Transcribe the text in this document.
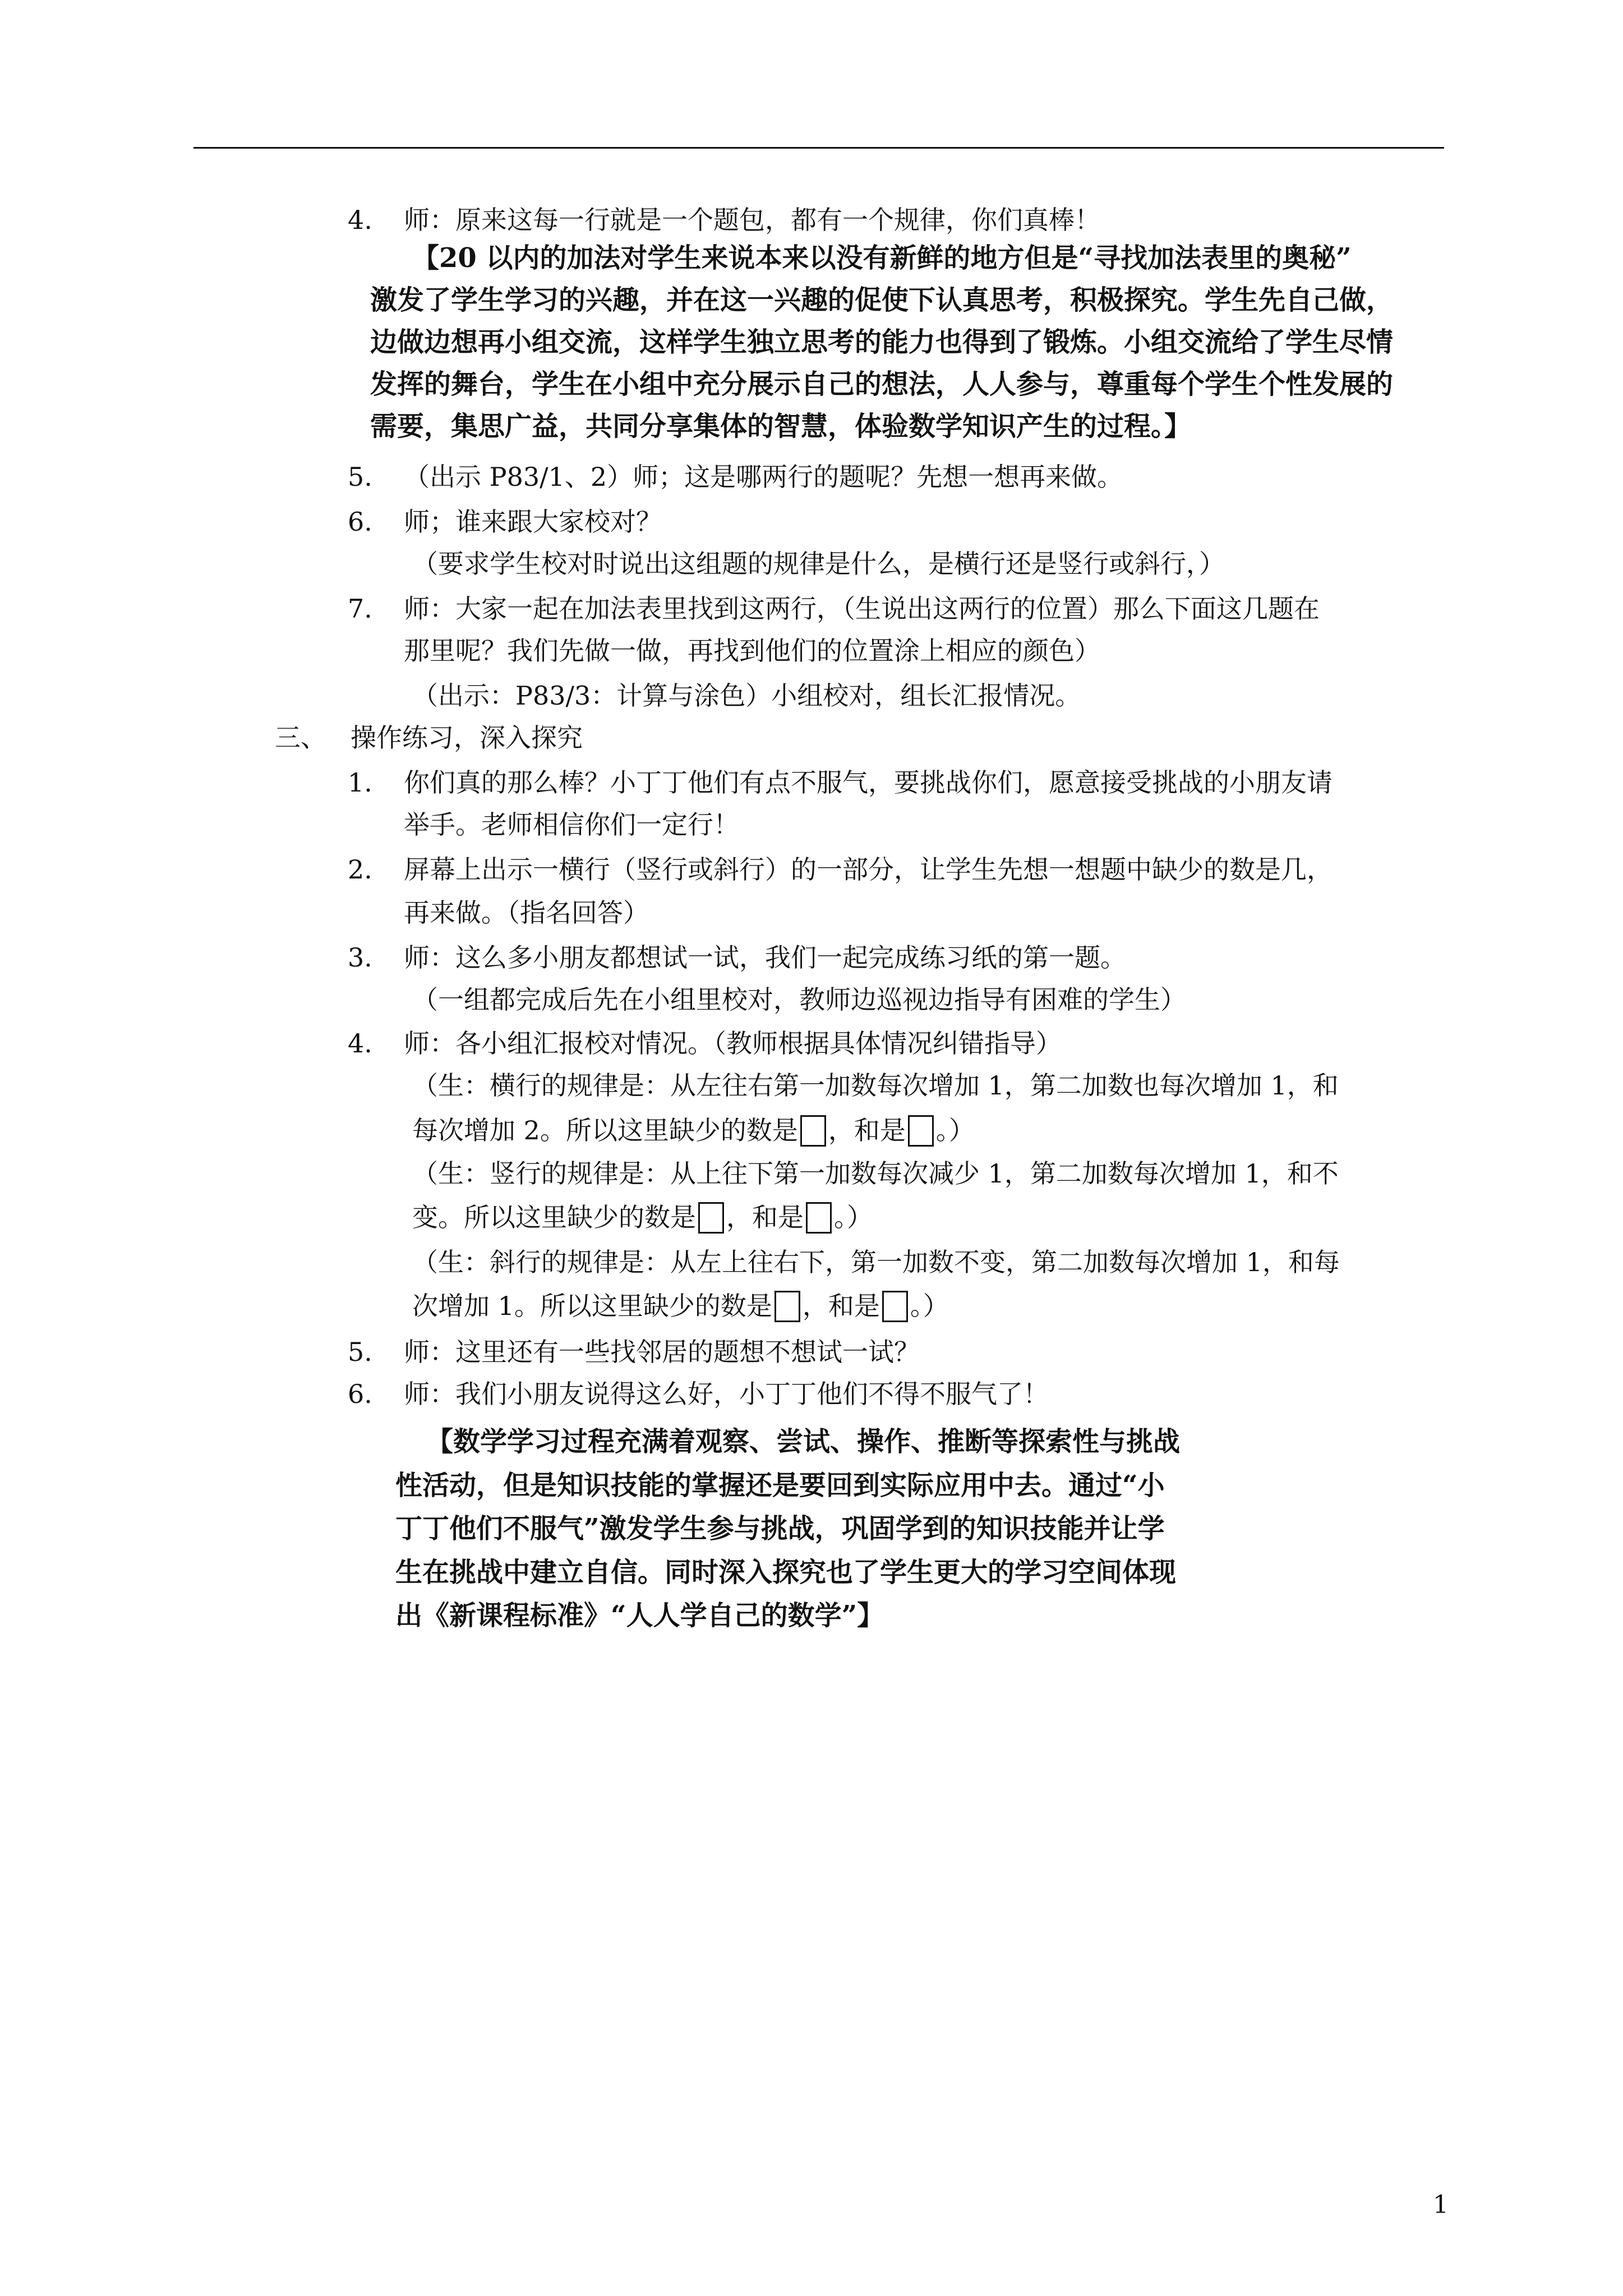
4. 师：原来这每一行就是一个题包，都有一个规律，你们真棒！
【20 以内的加法对学生来说本来以没有新鲜的地方但是“寻找加法表里的奥秘”
激发了学生学习的兴趣，并在这一兴趣的促使下认真思考，积极探究。学生先自己做，
边做边想再小组交流，这样学生独立思考的能力也得到了锻炼。小组交流给了学生尽情
发挥的舞台，学生在小组中充分展示自己的想法，人人参与，尊重每个学生个性发展的
需要，集思广益，共同分享集体的智慧，体验数学知识产生的过程。】
5. （出示 P83/1、2）师；这是哪两行的题呢？先想一想再来做。
6. 师；谁来跟大家校对？
（要求学生校对时说出这组题的规律是什么，是横行还是竖行或斜行，）
7. 师：大家一起在加法表里找到这两行，（生说出这两行的位置）那么下面这几题在
那里呢？我们先做一做，再找到他们的位置涂上相应的颜色）
（出示：P83/3：计算与涂色）小组校对，组长汇报情况。
三、 操作练习，深入探究
1. 你们真的那么棒？小丁丁他们有点不服气，要挑战你们，愿意接受挑战的小朋友请
举手。老师相信你们一定行！
2. 屏幕上出示一横行（竖行或斜行）的一部分，让学生先想一想题中缺少的数是几，
再来做。（指名回答）
3. 师：这么多小朋友都想试一试，我们一起完成练习纸的第一题。
（一组都完成后先在小组里校对，教师边巡视边指导有困难的学生）
4. 师：各小组汇报校对情况。（教师根据具体情况纠错指导）
（生：横行的规律是：从左往右第一加数每次增加 1，第二加数也每次增加 1，和
每次增加 2。所以这里缺少的数是 ，和是 。）
（生：竖行的规律是：从上往下第一加数每次减少 1，第二加数每次增加 1，和不
变。所以这里缺少的数是 ，和是 。）
（生：斜行的规律是：从左上往右下，第一加数不变，第二加数每次增加 1，和每
次增加 1。所以这里缺少的数是 ，和是 。）
5. 师：这里还有一些找邻居的题想不想试一试？
6. 师：我们小朋友说得这么好，小丁丁他们不得不服气了！
【数学学习过程充满着观察、尝试、操作、推断等探索性与挑战
性活动，但是知识技能的掌握还是要回到实际应用中去。通过“小
丁丁他们不服气”激发学生参与挑战，巩固学到的知识技能并让学
生在挑战中建立自信。同时深入探究也了学生更大的学习空间体现
出《新课程标准》“人人学自己的数学”】
1
